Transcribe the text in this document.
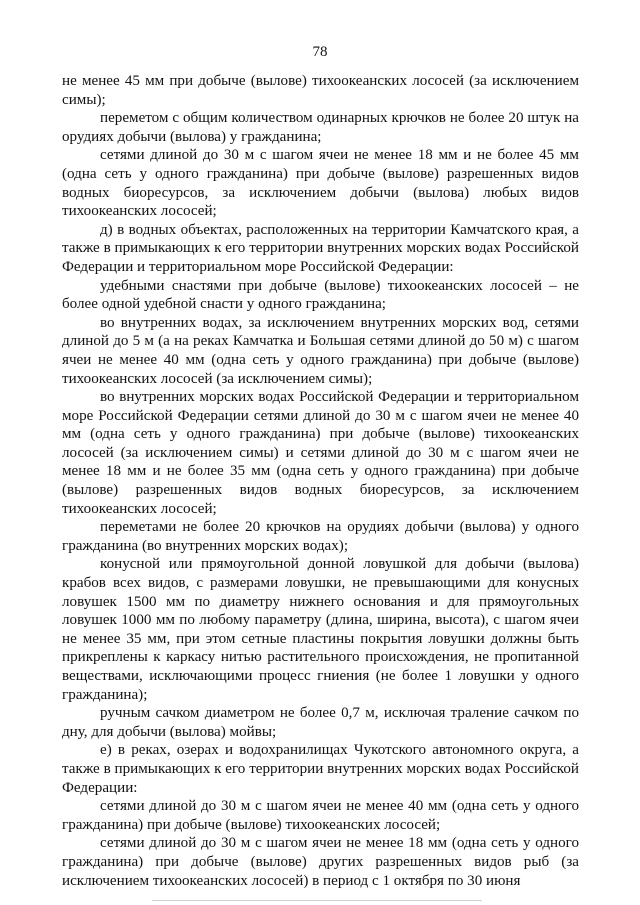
78

не менее 45 мм при добыче (вылове) тихоокеанских лососей (за исключением симы);

переметом с общим количеством одинарных крючков не более 20 штук на орудиях добычи (вылова) у гражданина;

сетями длиной до 30 м с шагом ячеи не менее 18 мм и не более 45 мм (одна сеть у одного гражданина) при добыче (вылове) разрешенных видов водных биоресурсов, за исключением добычи (вылова) любых видов тихоокеанских лососей;

д) в водных объектах, расположенных на территории Камчатского края, а также в примыкающих к его территории внутренних морских водах Российской Федерации и территориальном море Российской Федерации:

удебными снастями при добыче (вылове) тихоокеанских лососей – не более одной удебной снасти у одного гражданина;

во внутренних водах, за исключением внутренних морских вод, сетями длиной до 5 м (а на реках Камчатка и Большая сетями длиной до 50 м) с шагом ячеи не менее 40 мм (одна сеть у одного гражданина) при добыче (вылове) тихоокеанских лососей (за исключением симы);

во внутренних морских водах Российской Федерации и территориальном море Российской Федерации сетями длиной до 30 м с шагом ячеи не менее 40 мм (одна сеть у одного гражданина) при добыче (вылове) тихоокеанских лососей (за исключением симы) и сетями длиной до 30 м с шагом ячеи не менее 18 мм и не более 35 мм (одна сеть у одного гражданина) при добыче (вылове) разрешенных видов водных биоресурсов, за исключением тихоокеанских лососей;

переметами не более 20 крючков на орудиях добычи (вылова) у одного гражданина (во внутренних морских водах);

конусной или прямоугольной донной ловушкой для добычи (вылова) крабов всех видов, с размерами ловушки, не превышающими для конусных ловушек 1500 мм по диаметру нижнего основания и для прямоугольных ловушек 1000 мм по любому параметру (длина, ширина, высота), с шагом ячеи не менее 35 мм, при этом сетные пластины покрытия ловушки должны быть прикреплены к каркасу нитью растительного происхождения, не пропитанной веществами, исключающими процесс гниения (не более 1 ловушки у одного гражданина);

ручным сачком диаметром не более 0,7 м, исключая траление сачком по дну, для добычи (вылова) мойвы;

е) в реках, озерах и водохранилищах Чукотского автономного округа, а также в примыкающих к его территории внутренних морских водах Российской Федерации:

сетями длиной до 30 м с шагом ячеи не менее 40 мм (одна сеть у одного гражданина) при добыче (вылове) тихоокеанских лососей;

сетями длиной до 30 м с шагом ячеи не менее 18 мм (одна сеть у одного гражданина) при добыче (вылове) других разрешенных видов рыб (за исключением тихоокеанских лососей) в период с 1 октября по 30 июня
